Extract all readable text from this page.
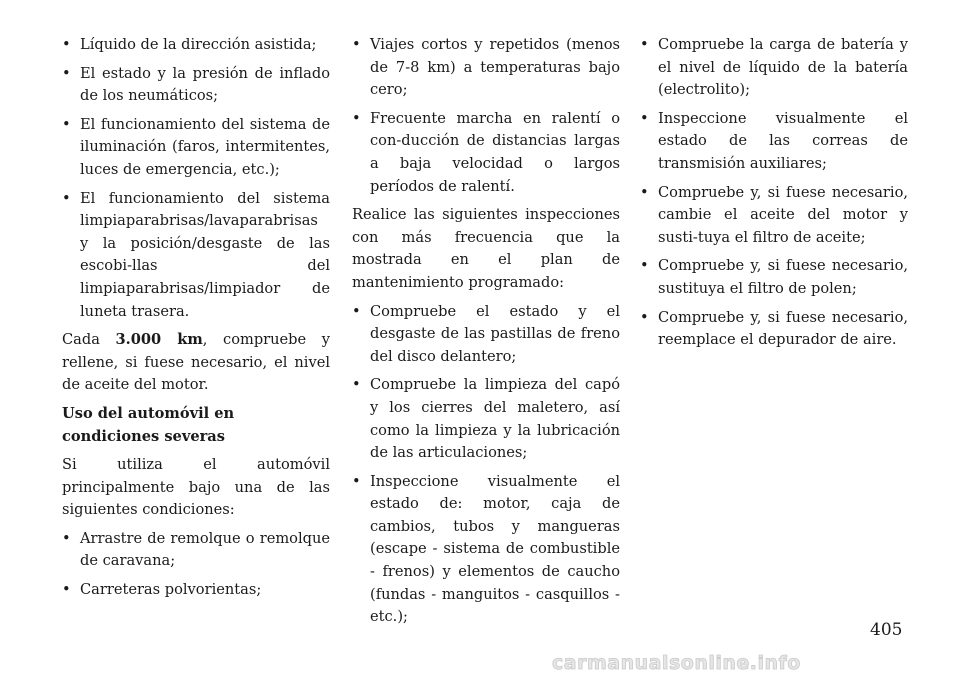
• Líquido de la dirección asistida;
• El estado y la presión de inflado de los neumáticos;
• El funcionamiento del sistema de iluminación (faros, intermitentes, luces de emergencia, etc.);
• El funcionamiento del sistema limpiaparabrisas/lavaparabrisas y la posición/desgaste de las escobi-llas del limpiaparabrisas/limpiador de luneta trasera.

Cada 3.000 km, compruebe y rellene, si fuese necesario, el nivel de aceite del motor.

Uso del automóvil en condiciones severas

Si utiliza el automóvil principalmente bajo una de las siguientes condiciones:

• Arrastre de remolque o remolque de caravana;
• Carreteras polvorientas;
• Viajes cortos y repetidos (menos de 7-8 km) a temperaturas bajo cero;
• Frecuente marcha en ralentí o con-ducción de distancias largas a baja velocidad o largos períodos de ralentí.

Realice las siguientes inspecciones con más frecuencia que la mostrada en el plan de mantenimiento programado:

• Compruebe el estado y el desgaste de las pastillas de freno del disco delantero;
• Compruebe la limpieza del capó y los cierres del maletero, así como la limpieza y la lubricación de las articulaciones;
• Inspeccione visualmente el estado de: motor, caja de cambios, tubos y mangueras (escape - sistema de combustible - frenos) y elementos de caucho (fundas - manguitos - casquillos - etc.);
• Compruebe la carga de batería y el nivel de líquido de la batería (electrolito);
• Inspeccione visualmente el estado de las correas de transmisión auxiliares;
• Compruebe y, si fuese necesario, cambie el aceite del motor y susti-tuya el filtro de aceite;
• Compruebe y, si fuese necesario, sustituya el filtro de polen;
• Compruebe y, si fuese necesario, reemplace el depurador de aire.
405
carmanualsonline.info
